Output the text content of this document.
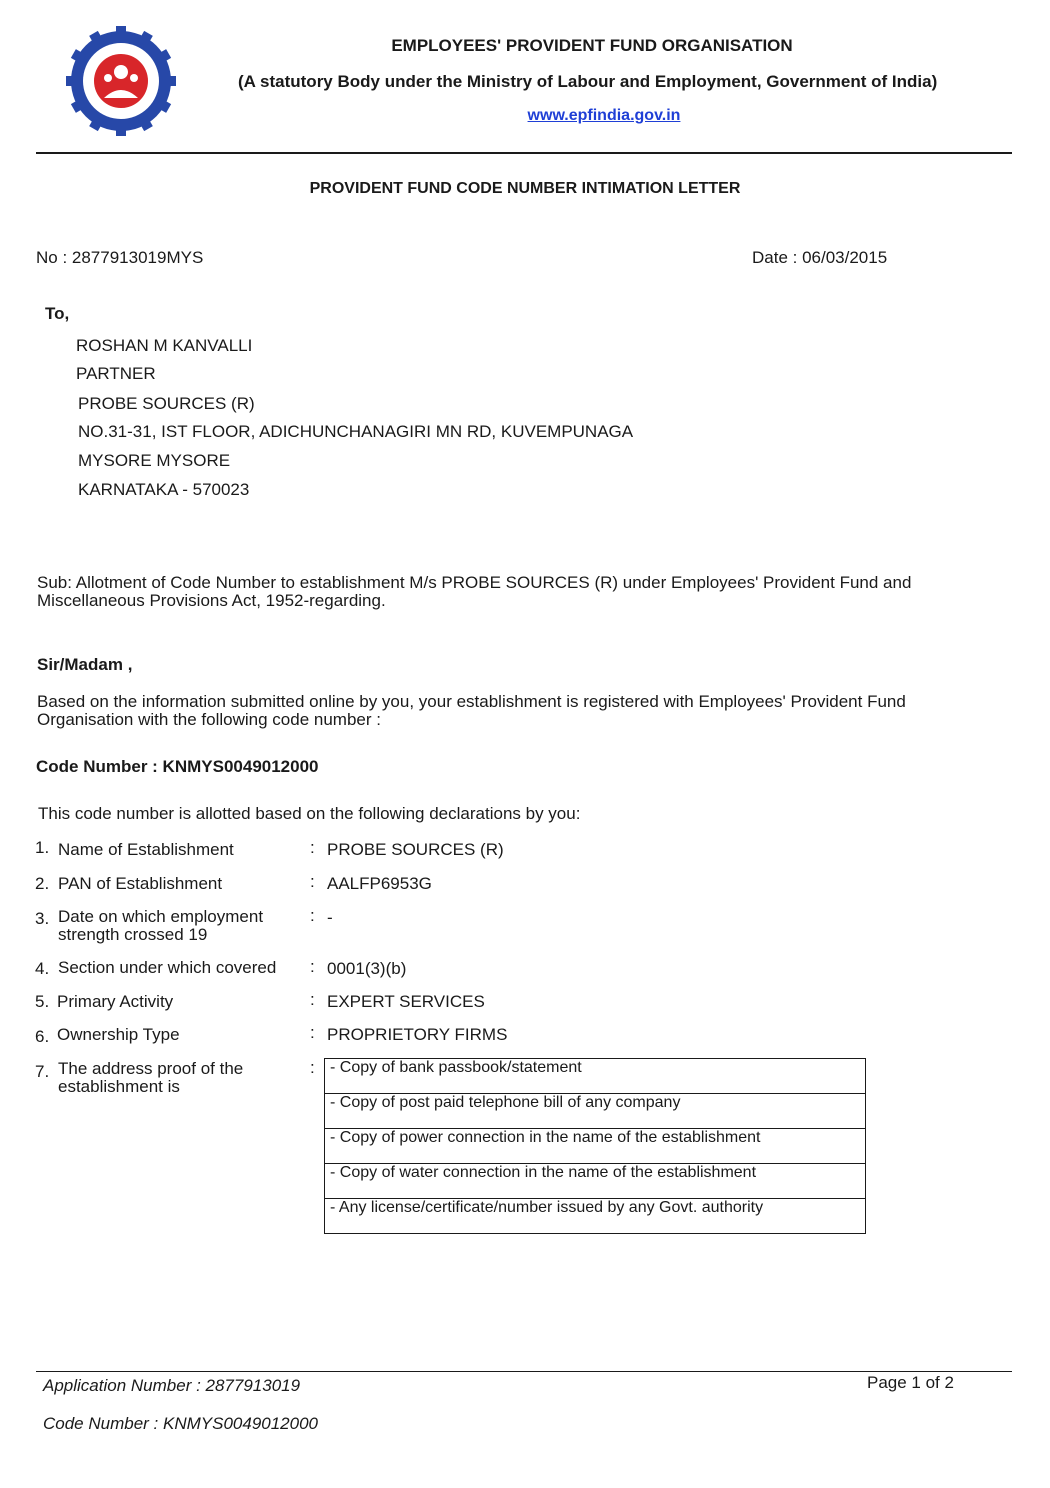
EMPLOYEES' PROVIDENT FUND ORGANISATION
(A statutory Body under the Ministry of Labour and Employment, Government of India)
www.epfindia.gov.in
PROVIDENT FUND CODE NUMBER INTIMATION LETTER
No : 2877913019MYS	Date : 06/03/2015
To,
ROSHAN M KANVALLI
PARTNER
PROBE SOURCES (R)
NO.31-31, IST FLOOR, ADICHUNCHANAGIRI MN RD, KUVEMPUNAGA
MYSORE MYSORE
KARNATAKA - 570023
Sub: Allotment of Code Number to establishment M/s PROBE SOURCES (R) under Employees' Provident Fund and
Miscellaneous Provisions Act, 1952-regarding.
Sir/Madam ,
Based on the information submitted online by you, your establishment is registered with Employees' Provident Fund
Organisation with the following code number :
Code Number : KNMYS0049012000
This code number is allotted based on the following declarations by you:
1. Name of Establishment	: PROBE SOURCES (R)
2. PAN of Establishment	: AALFP6953G
3. Date on which employment
strength crossed 19
: -
4. Section under which covered : 0001(3)(b)
5. Primary Activity	: EXPERT SERVICES
6. Ownership Type	: PROPRIETORY FIRMS
7. The address proof of the
establishment is
: - Copy of bank passbook/statement
- Copy of post paid telephone bill of any company
- Copy of power connection in the name of the establishment
- Copy of water connection in the name of the establishment
- Any license/certificate/number issued by any Govt. authority
Application Number : 2877913019	Page 1 of 2
Code Number : KNMYS0049012000
